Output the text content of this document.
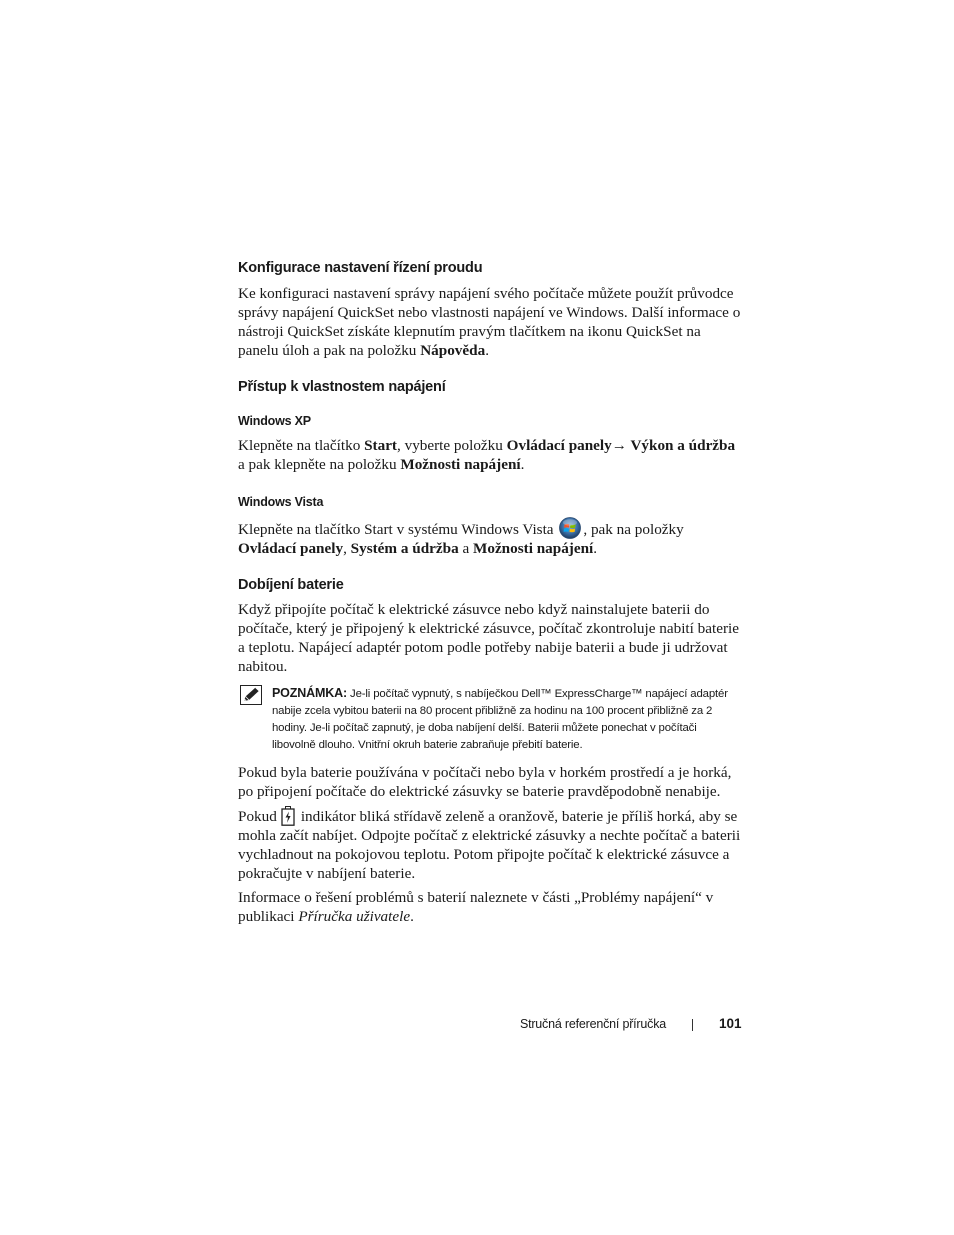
Konfigurace nastavení řízení proudu

Ke konfiguraci nastavení správy napájení svého počítače můžete použít průvodce správy napájení QuickSet nebo vlastnosti napájení ve Windows. Další informace o nástroji QuickSet získáte klepnutím pravým tlačítkem na ikonu QuickSet na panelu úloh a pak na položku Nápověda.

Přístup k vlastnostem napájení
Windows XP

Klepněte na tlačítko Start, vyberte položku Ovládací panely→ Výkon a údržba a pak klepněte na položku Možnosti napájení.

Windows Vista

Klepněte na tlačítko Start v systému Windows Vista , pak na položky Ovládací panely, Systém a údržba a Možnosti napájení.

Dobíjení baterie

Když připojíte počítač k elektrické zásuvce nebo když nainstalujete baterii do počítače, který je připojený k elektrické zásuvce, počítač zkontroluje nabití baterie a teplotu. Napájecí adaptér potom podle potřeby nabije baterii a bude ji udržovat nabitou.

POZNÁMKA: Je-li počítač vypnutý, s nabíječkou Dell™ ExpressCharge™ napájecí adaptér nabije zcela vybitou baterii na 80 procent přibližně za hodinu na 100 procent přibližně za 2 hodiny. Je-li počítač zapnutý, je doba nabíjení delší. Baterii můžete ponechat v počítači libovolně dlouho. Vnitřní okruh baterie zabraňuje přebití baterie.

Pokud byla baterie používána v počítači nebo byla v horkém prostředí a je horká, po připojení počítače do elektrické zásuvky se baterie pravděpodobně nenabije.

Pokud indikátor bliká střídavě zeleně a oranžově, baterie je příliš horká, aby se mohla začít nabíjet. Odpojte počítač z elektrické zásuvky a nechte počítač a baterii vychladnout na pokojovou teplotu. Potom připojte počítač k elektrické zásuvce a pokračujte v nabíjení baterie.

Informace o řešení problémů s baterií naleznete v části „Problémy napájení“ v publikaci Příručka uživatele.

Stručná referenční příručka	101
